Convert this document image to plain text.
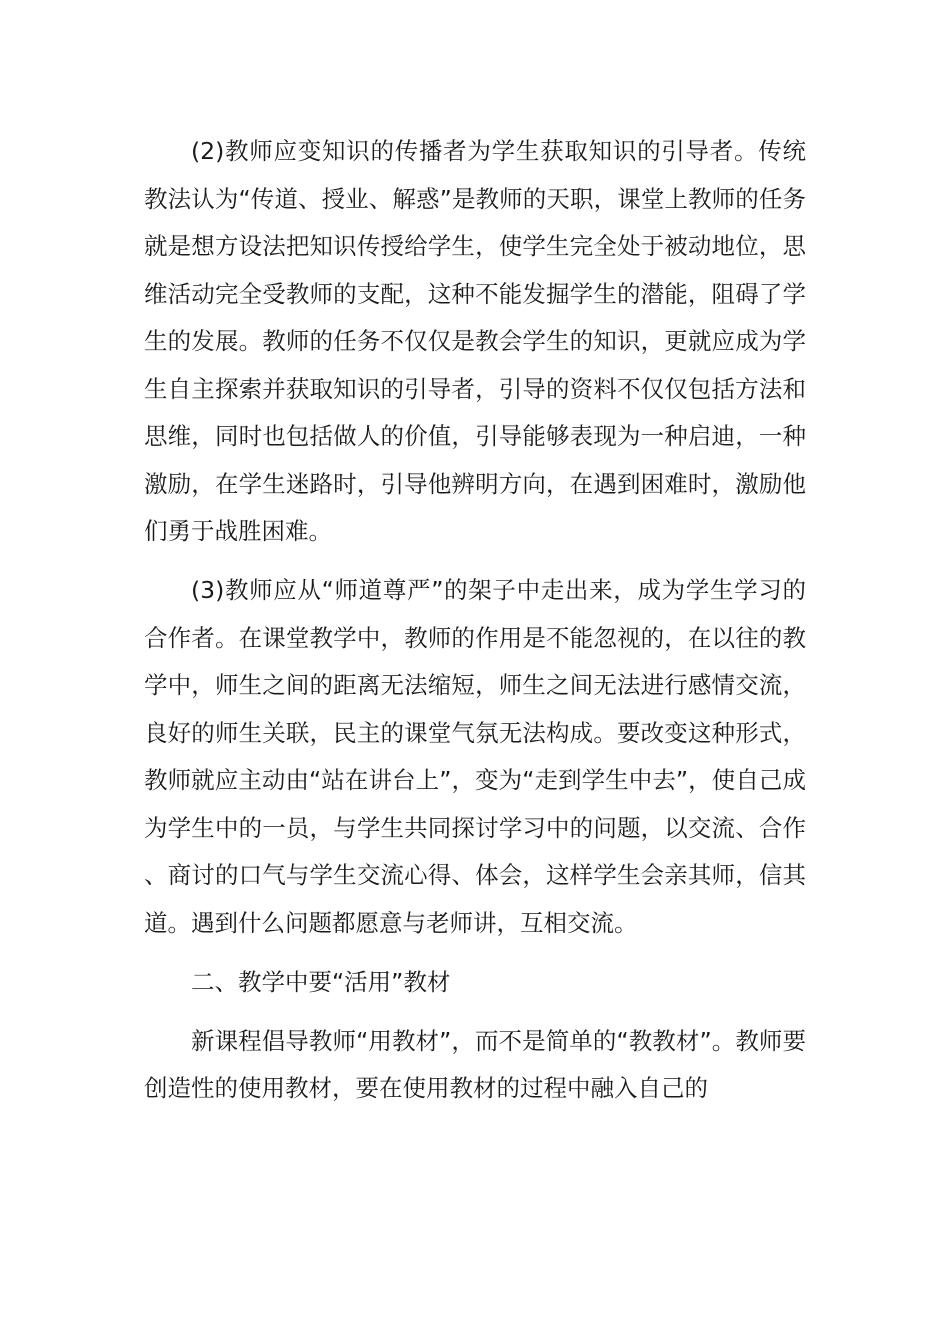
(2)教师应变知识的传播者为学生获取知识的引导者。传统教法认为“传道、授业、解惑”是教师的天职，课堂上教师的任务就是想方设法把知识传授给学生，使学生完全处于被动地位，思维活动完全受教师的支配，这种不能发掘学生的潜能，阻碍了学生的发展。教师的任务不仅仅是教会学生的知识，更就应成为学生自主探索并获取知识的引导者，引导的资料不仅仅包括方法和思维，同时也包括做人的价值，引导能够表现为一种启迪，一种激励，在学生迷路时，引导他辨明方向，在遇到困难时，激励他们勇于战胜困难。

(3)教师应从“师道尊严”的架子中走出来，成为学生学习的合作者。在课堂教学中，教师的作用是不能忽视的，在以往的教学中，师生之间的距离无法缩短，师生之间无法进行感情交流，良好的师生关联，民主的课堂气氛无法构成。要改变这种形式，教师就应主动由“站在讲台上”，变为“走到学生中去”，使自己成为学生中的一员，与学生共同探讨学习中的问题，以交流、合作、商讨的口气与学生交流心得、体会，这样学生会亲其师，信其道。遇到什么问题都愿意与老师讲，互相交流。

二、教学中要“活用”教材

新课程倡导教师“用教材”，而不是简单的“教教材”。教师要创造性的使用教材，要在使用教材的过程中融入自己的
